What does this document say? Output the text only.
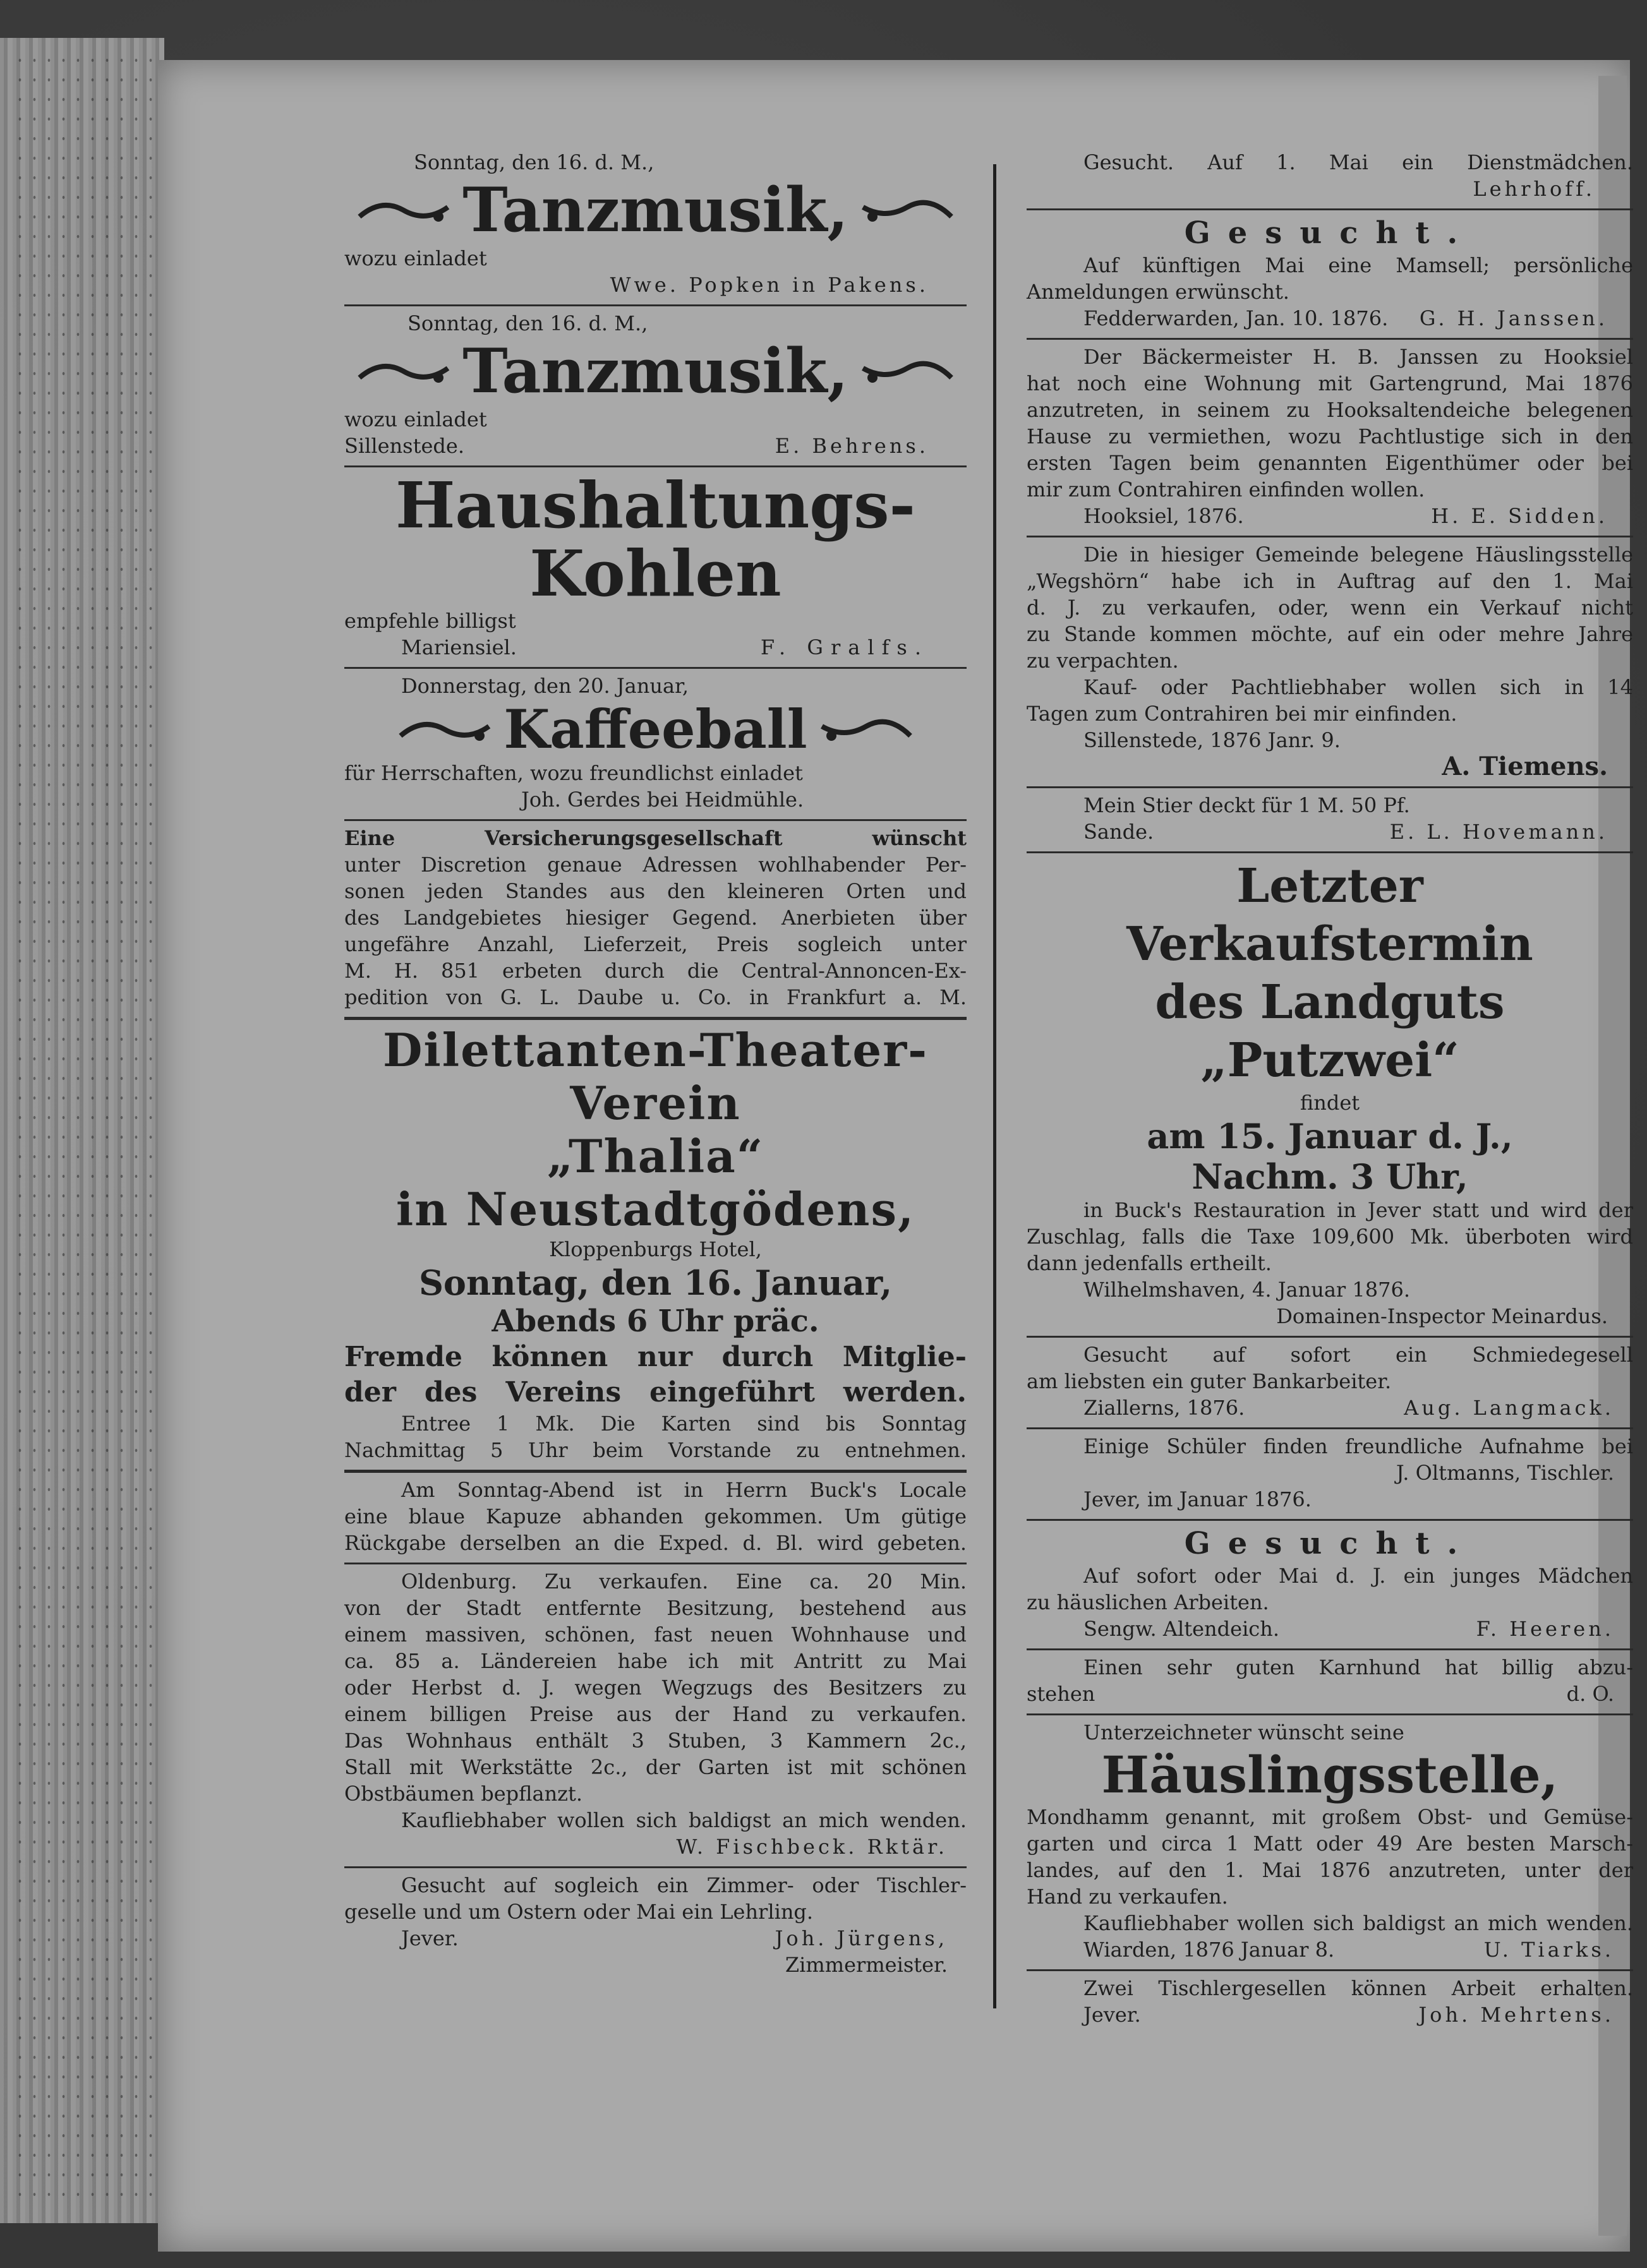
Sonntag, den 16. d. M.,
Tanzmusik,
wozu einladet
Wwe. Popken in Pakens.
Sonntag, den 16. d. M.,
Tanzmusik,
wozu einladet
Sillenstede.	E. Behrens.
Haushaltungs-
Kohlen
empfehle billigst
Mariensiel.	F. Gralfs.
Donnerstag, den 20. Januar,
Kaffeeball
für Herrschaften, wozu freundlichst einladet
Joh. Gerdes bei Heidmühle.
Eine Versicherungsgesellschaft wünscht
unter Discretion genaue Adressen wohlhabender Per-
sonen jeden Standes aus den kleineren Orten und
des Landgebietes hiesiger Gegend. Anerbieten über
ungefähre Anzahl, Lieferzeit, Preis sogleich unter
M. H. 851 erbeten durch die Central-Annoncen-Ex-
pedition von G. L. Daube u. Co. in Frankfurt a. M.
Dilettanten-Theater-Verein
„Thalia“
in Neustadtgödens,
Kloppenburgs Hotel,
Sonntag, den 16. Januar,
Abends 6 Uhr präc.
Fremde können nur durch Mitglie-
der des Vereins eingeführt werden.
Entree 1 Mk. Die Karten sind bis Sonntag
Nachmittag 5 Uhr beim Vorstande zu entnehmen.
Am Sonntag-Abend ist in Herrn Buck's Locale
eine blaue Kapuze abhanden gekommen. Um gütige
Rückgabe derselben an die Exped. d. Bl. wird gebeten.
Oldenburg. Zu verkaufen. Eine ca. 20 Min.
von der Stadt entfernte Besitzung, bestehend aus
einem massiven, schönen, fast neuen Wohnhause und
ca. 85 a. Ländereien habe ich mit Antritt zu Mai
oder Herbst d. J. wegen Wegzugs des Besitzers zu
einem billigen Preise aus der Hand zu verkaufen.
Das Wohnhaus enthält 3 Stuben, 3 Kammern 2c.,
Stall mit Werkstätte 2c., der Garten ist mit schönen
Obstbäumen bepflanzt.
Kaufliebhaber wollen sich baldigst an mich wenden.
W. Fischbeck. Rktär.
Gesucht auf sogleich ein Zimmer- oder Tischler-
geselle und um Ostern oder Mai ein Lehrling.
Jever.	Joh. Jürgens,
Zimmermeister.
Gesucht. Auf 1. Mai ein Dienstmädchen.
Lehrhoff.
Gesucht.
Auf künftigen Mai eine Mamsell; persönliche
Anmeldungen erwünscht.
Fedderwarden, Jan. 10. 1876. G. H. Janssen.
Der Bäckermeister H. B. Janssen zu Hooksiel
hat noch eine Wohnung mit Gartengrund, Mai 1876
anzutreten, in seinem zu Hooksaltendeiche belegenen
Hause zu vermiethen, wozu Pachtlustige sich in den
ersten Tagen beim genannten Eigenthümer oder bei
mir zum Contrahiren einfinden wollen.
Hooksiel, 1876.	H. E. Sidden.
Die in hiesiger Gemeinde belegene Häuslingsstelle
„Wegshörn“ habe ich in Auftrag auf den 1. Mai
d. J. zu verkaufen, oder, wenn ein Verkauf nicht
zu Stande kommen möchte, auf ein oder mehre Jahre
zu verpachten.
Kauf- oder Pachtliebhaber wollen sich in 14
Tagen zum Contrahiren bei mir einfinden.
Sillenstede, 1876 Janr. 9.
A. Tiemens.
Mein Stier deckt für 1 M. 50 Pf.
Sande.	E. L. Hovemann.
Letzter Verkaufstermin
des Landguts „Putzwei“
findet
am 15. Januar d. J.,
Nachm. 3 Uhr,
in Buck's Restauration in Jever statt und wird der
Zuschlag, falls die Taxe 109,600 Mk. überboten wird
dann jedenfalls ertheilt.
Wilhelmshaven, 4. Januar 1876.
Domainen-Inspector Meinardus.
Gesucht auf sofort ein Schmiedegesell
am liebsten ein guter Bankarbeiter.
Ziallerns, 1876.	Aug. Langmack.
Einige Schüler finden freundliche Aufnahme bei
J. Oltmanns, Tischler.
Jever, im Januar 1876.
Gesucht.
Auf sofort oder Mai d. J. ein junges Mädchen
zu häuslichen Arbeiten.
Sengw. Altendeich.	F. Heeren.
Einen sehr guten Karnhund hat billig abzu-
stehen	d. O.
Unterzeichneter wünscht seine
Häuslingsstelle,
Mondhamm genannt, mit großem Obst- und Gemüse-
garten und circa 1 Matt oder 49 Are besten Marsch-
landes, auf den 1. Mai 1876 anzutreten, unter der
Hand zu verkaufen.
Kaufliebhaber wollen sich baldigst an mich wenden.
Wiarden, 1876 Januar 8.	U. Tiarks.
Zwei Tischlergesellen können Arbeit erhalten.
Jever.	Joh. Mehrtens.
